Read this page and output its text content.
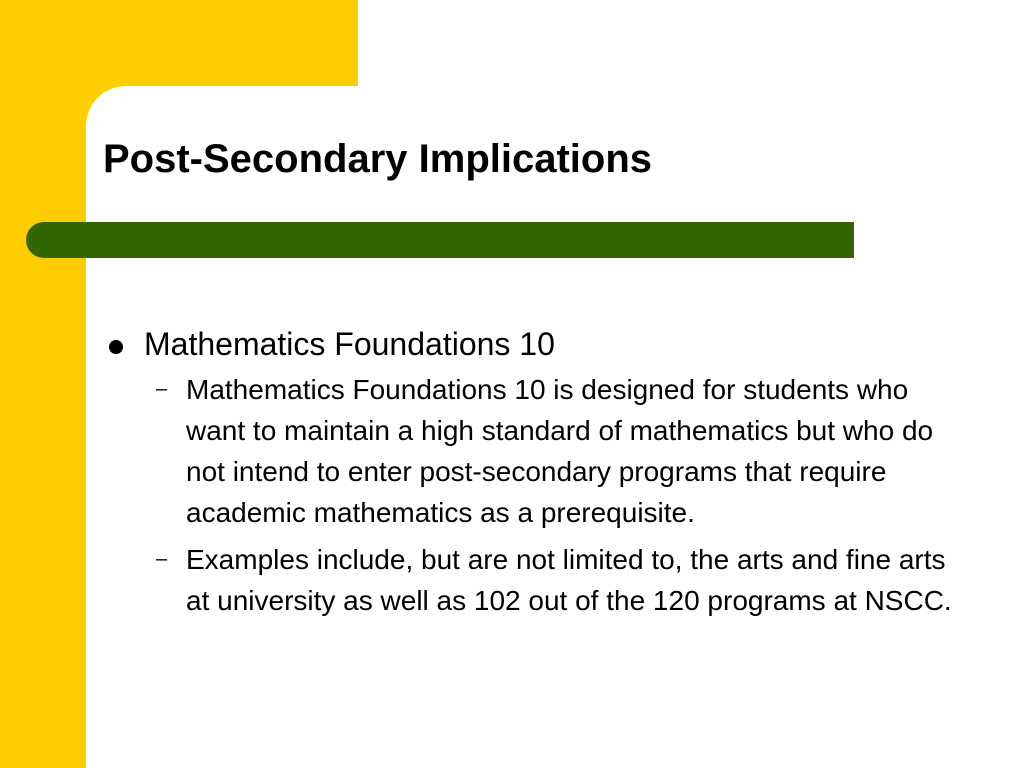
Post-Secondary Implications
Mathematics Foundations 10
– Mathematics Foundations 10 is designed for students who want to maintain a high standard of mathematics but who do not intend to enter post-secondary programs that require academic mathematics as a prerequisite.

– Examples include, but are not limited to, the arts and fine arts at university as well as 102 out of the 120 programs at NSCC.
